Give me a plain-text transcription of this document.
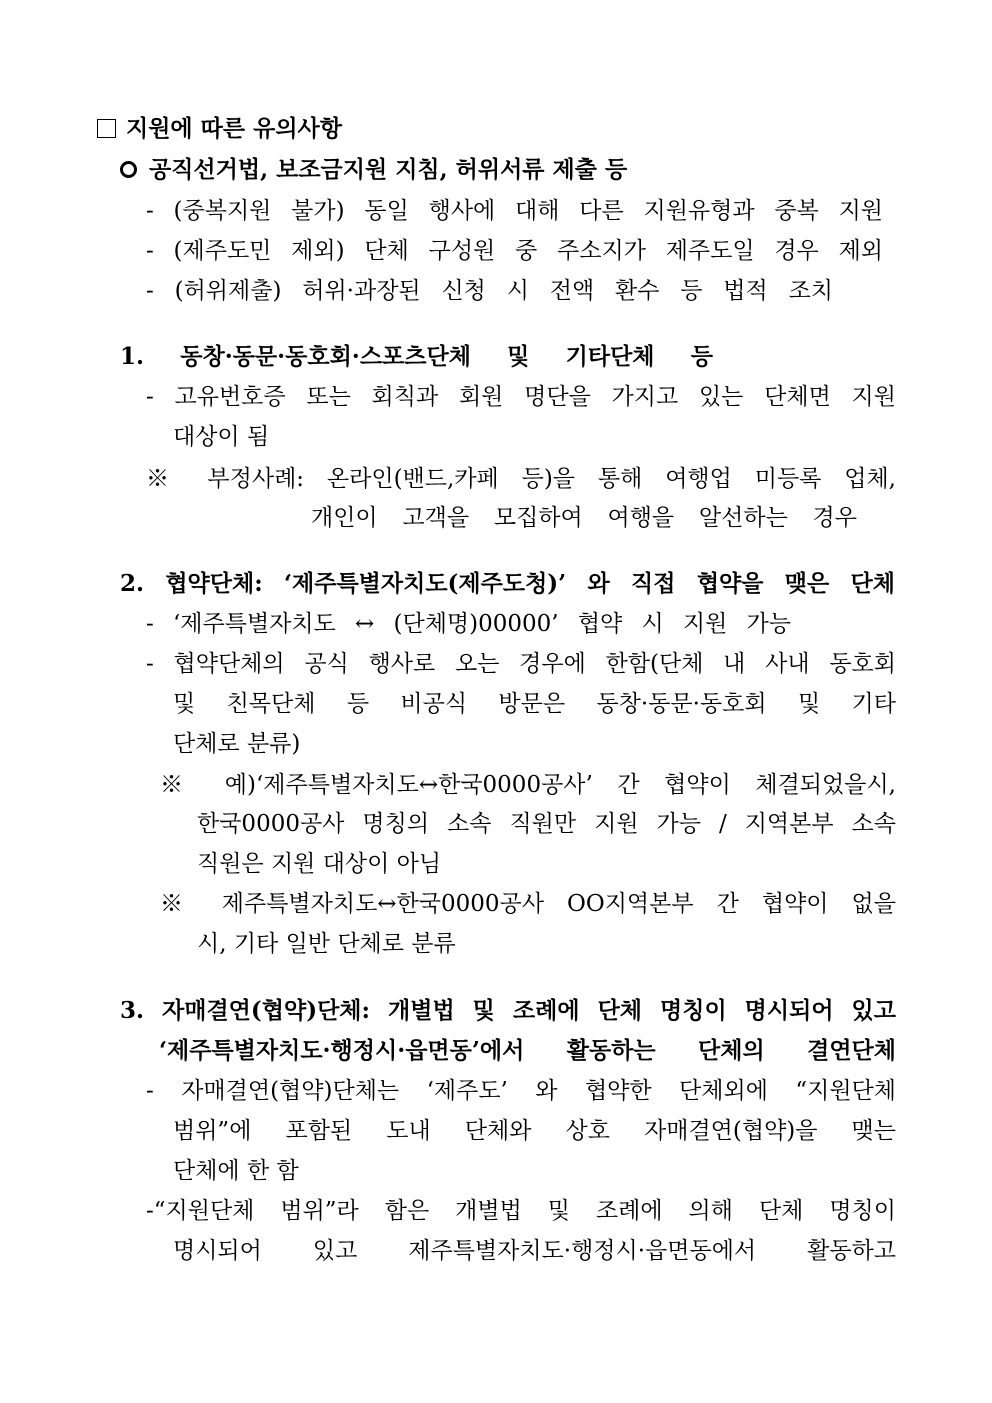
지원에 따른 유의사항
공직선거법, 보조금지원 지침, 허위서류 제출 등
- (중복지원 불가) 동일 행사에 대해 다른 지원유형과 중복 지원
- (제주도민 제외) 단체 구성원 중 주소지가 제주도일 경우 제외
- (허위제출) 허위·과장된 신청 시 전액 환수 등 법적 조치
1. 동창·동문·동호회·스포츠단체 및 기타단체 등
- 고유번호증 또는 회칙과 회원 명단을 가지고 있는 단체면 지원
대상이 됨
※ 부정사례: 온라인(밴드,카페 등)을 통해 여행업 미등록 업체,
개인이 고객을 모집하여 여행을 알선하는 경우
2. 협약단체: ‘제주특별자치도(제주도청)’ 와 직접 협약을 맺은 단체
- ‘제주특별자치도 ↔ (단체명)00000’ 협약 시 지원 가능
- 협약단체의 공식 행사로 오는 경우에 한함(단체 내 사내 동호회
및 친목단체 등 비공식 방문은 동창·동문·동호회 및 기타
단체로 분류)
※ 예)‘제주특별자치도↔한국0000공사’ 간 협약이 체결되었을시,
한국0000공사 명칭의 소속 직원만 지원 가능 / 지역본부 소속
직원은 지원 대상이 아님
※ 제주특별자치도↔한국0000공사 OO지역본부 간 협약이 없을
시, 기타 일반 단체로 분류
3. 자매결연(협약)단체: 개별법 및 조례에 단체 명칭이 명시되어 있고
‘제주특별자치도·행정시·읍면동’에서 활동하는 단체의 결연단체
- 자매결연(협약)단체는 ‘제주도’ 와 협약한 단체외에 “지원단체
범위”에 포함된 도내 단체와 상호 자매결연(협약)을 맺는
단체에 한 함
-“지원단체 범위”라 함은 개별법 및 조례에 의해 단체 명칭이
명시되어 있고 제주특별자치도·행정시·읍면동에서 활동하고
